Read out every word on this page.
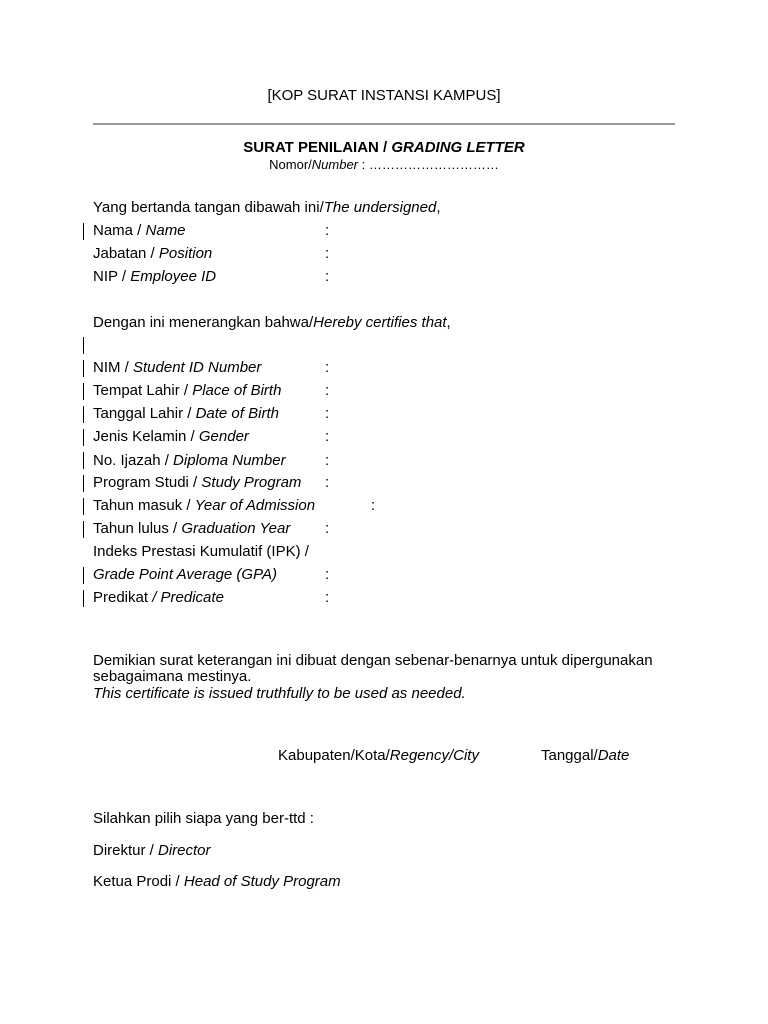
[KOP SURAT INSTANSI KAMPUS]
SURAT PENILAIAN / GRADING LETTER
Nomor/Number : …………………………
Yang bertanda tangan dibawah ini/The undersigned,
Nama / Name	:
Jabatan / Position	:
NIP / Employee ID	:
Dengan ini menerangkan bahwa/Hereby certifies that,
NIM / Student ID Number	:
Tempat Lahir / Place of Birth	:
Tanggal Lahir / Date of Birth	:
Jenis Kelamin / Gender	:
No. Ijazah / Diploma Number	:
Program Studi / Study Program :
Tahun masuk / Year of Admission	:
Tahun lulus / Graduation Year :
Indeks Prestasi Kumulatif (IPK) /
Grade Point Average (GPA)	:
Predikat / Predicate	:
Demikian surat keterangan ini dibuat dengan sebenar-benarnya untuk dipergunakan
sebagaimana mestinya.
This certificate is issued truthfully to be used as needed.
Kabupaten/Kota/Regency/City	Tanggal/Date
Silahkan pilih siapa yang ber-ttd :
Direktur / Director
Ketua Prodi / Head of Study Program
